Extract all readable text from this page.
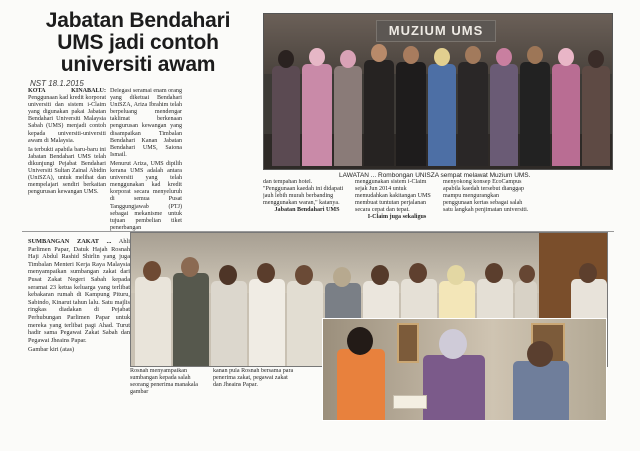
Jabatan Bendahari
UMS jadi contoh
universiti awam
NST 18.1.2015

KOTA KINABALU: Penggunaan kad kredit korporat universiti dan sistem i-Claim yang digunakan pakai Jabatan Bendahari Universiti Malaysia Sabah (UMS) menjadi contoh kepada universiti-universiti awam di Malaysia.

Ia terbukti apabila baru-baru ini Jabatan Bendahari UMS telah dikunjungi Pejabat Bendahari Universiti Sultan Zainal Abidin (UniSZA), untuk melihat dan mempelajari sendiri berkaitan pengurusan kewangan UMS.

Delegasi seramai enam orang yang diketuai Bendahari UniSZA, Ariza Ibrahim telah berpeluang mendengar taklimat berkenaan pengurusan kewangan yang disampaikan Timbalan Bendahari Kanan Jabatan Bendahari UMS, Saiona Ismail.

Menurut Ariza, UMS dipilih kerana UMS adalah antara universiti yang telah menggunakan kad kredit korporat secara menyeluruh di semua Pusat Tanggungjawab (PTJ) sebagai mekanisme untuk tujuan pembelian tiket penerbangan

MUZIUM UMS
LAWATAN ... Rombongan UNISZA sempat melawat Muzium UMS.

dan tempahan hotel.

"Penggunaan kaedah ini didapati jauh lebih murah berbanding menggunakan waran," katanya.

Jabatan Bendahari UMS

menggunakan sistem i-Claim sejak Jun 2014 untuk memudahkan kakitangan UMS membuat tuntutan perjalanan secara cepat dan tepat.

I-Claim juga sekaligus

menyokong konsep EcoCampus apabila kaedah tersebut dianggap mampu mengurangkan penggunaan kertas sebagai salah satu langkah penjimatan universiti.

SUMBANGAN ZAKAT ... Ahli Parlimen Papar, Datuk Hajah Rosnah Haji Abdul Rashid Shirlin yang juga Timbalan Menteri Kerja Raya Malaysia menyampaikan sumbangan zakat dari Pusat Zakat Negeri Sabah kepada seramai 23 ketua keluarga yang terlibat kebakaran rumah di Kampung Pituru, Sabindo, Kinarut tahun lalu. Satu majlis ringkas diadakan di Pejabat Perhubungan Parlimen Papar untuk mereka yang terlibat pagi Ahad. Turut hadir sama Pegawai Zakat Sabah dan Pegawai Jheains Papar.

Gambar kiri (atas)

Rosnah menyampaikan sumbangan kepada salah seorang penerima manakala gambar
kanan pula Rosnah bersama para penerima zakat, pegawai zakat dan Jheains Papar.
